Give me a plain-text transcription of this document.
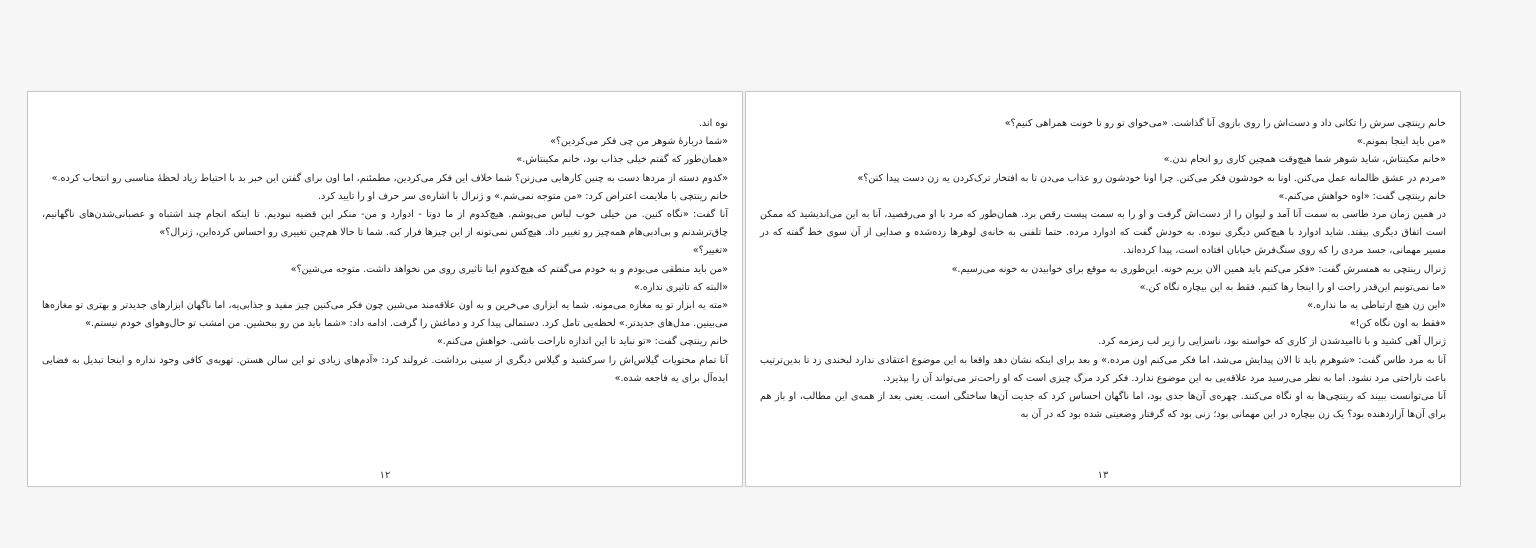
نوه اند.

«شما دربارهٔ شوهر من چی فکر می‌کردین؟»

«همان‌طور که گفتم خیلی جذاب بود، خانم مکینتاش.»

«کدوم دسته از مردها دست به چنین کارهایی می‌زنن؟ شما خلاف این فکر می‌کردین، مطمئنم، اما اون برای گفتن این خبر بد با احتیاط زیاد لحظهٔ مناسبی رو انتخاب کرده.»

خانم رینتچی با ملایمت اعتراض کرد: «من متوجه نمی‌شم.» و ژنرال با اشاره‌ی سر حرف او را تایید کرد.

آنا گفت: «نگاه کنین. من خیلی خوب لباس می‌پوشم. هیچ‌کدوم از ما دوتا - ادوارد و من- منکر این قضیه نبودیم. تا اینکه انجام چند اشتباه و عصبانی‌شدن‌های ناگهانیم، چاق‌ترشدنم و بی‌ادبی‌هام همه‌چیز رو تغییر داد. هیچ‌کس نمی‌تونه از این چیزها فرار کنه. شما تا حالا هم‌چین تغییری رو احساس کرده‌این، ژنرال؟»

«تغییر؟»

«من باید منطقی می‌بودم و به خودم می‌گفتم که هیچ‌کدوم اینا تاثیری روی من نخواهد داشت. متوجه می‌شین؟»

«البته که تاثیری نداره.»

«مته یه ابزار تو یه مغازه می‌مونه. شما یه ابزاری می‌خرین و به اون علاقه‌مند می‌شین چون فکر می‌کنین چیز مفید و جذابی‌یه، اما ناگهان ابزارهای جدیدتر و بهتری تو مغازه‌ها می‌بینین. مدل‌های جدیدتر.» لحظه‌یی تامل کرد. دستمالی پیدا کرد و دماغش را گرفت. ادامه داد: «شما باید من رو ببخشین. من امشب تو حال‌وهوای خودم نیستم.»

خانم رینتچی گفت: «تو نباید تا این اندازه ناراحت باشی. خواهش می‌کنم.»

آنا تمام محتویات گیلاس‌اش را سرکشید و گیلاس دیگری از سینی برداشت. غرولند کرد: «آدم‌های زیادی تو این سالن هستن. تهویه‌ی کافی وجود نداره و اینجا تبدیل به فضایی ایده‌آل برای یه فاجعه شده.»

۱۲

خانم رینتچی سرش را تکانی داد و دست‌اش را روی بازوی آنا گذاشت. «می‌خوای تو رو تا خونت همراهی کنیم؟»

«من باید اینجا بمونم.»

«خانم مکینتاش، شاید شوهر شما هیچ‌وقت همچین کاری رو انجام ندن.»

«مردم در عشق ظالمانه عمل می‌کنن. اونا به خودشون فکر می‌کنن. چرا اونا خودشون رو عذاب می‌دن تا به افتخار ترک‌کردن یه زن دست پیدا کنن؟»

خانم رینتچی گفت: «اوه خواهش می‌کنم.»

در همین زمان مرد طاسی به سمت آنا آمد و لیوان را از دست‌اش گرفت و او را به سمت پیست رقص برد. همان‌طور که مرد با او می‌رقصید، آنا به این می‌اندیشید که ممکن است اتفاق دیگری بیفتد. شاید ادوارد با هیچ‌کس دیگری نبوده. به خودش گفت که ادوارد مرده. حتما تلفنی به خانه‌ی لوهرها زده‌شده و صدایی از آن سوی خط گفته که در مسیر مهمانی، جسد مردی را که روی سنگ‌فرش خیابان افتاده است، پیدا کرده‌اند.

ژنرال رینتچی به همسرش گفت: «فکر می‌کنم باید همین الان بریم خونه. این‌طوری به موقع برای خوابیدن به خونه می‌رسیم.»

«ما نمی‌تونیم این‌قدر راحت او را اینجا رها کنیم. فقط به این بیچاره نگاه کن.»

«این زن هیچ ارتباطی به ما نداره.»

«فقط به اون نگاه کن!»

ژنرال آهی کشید و با ناامیدشدن از کاری که خواسته بود، ناسزایی را زیر لب زمزمه کرد.

آنا به مرد طاس گفت: «شوهرم باید تا الان پیدایش می‌شد، اما فکر می‌کنم اون مرده.» و بعد برای اینکه نشان دهد واقعا به این موضوع اعتقادی ندارد لبخندی زد تا بدین‌ترتیب باعث ناراحتی مرد نشود. اما به نظر می‌رسید مرد علاقه‌یی به این موضوع ندارد. فکر کرد مرگ چیزی است که او راحت‌تر می‌تواند آن را بپذیرد.

آنا می‌توانست ببیند که رینتچی‌ها به او نگاه می‌کنند. چهره‌ی آن‌ها جدی بود، اما ناگهان احساس کرد که جدیت آن‌ها ساختگی است. یعنی بعد از همه‌ی این مطالب، او باز هم برای آن‌ها آزاردهنده بود؟ یک زن بیچاره در این مهمانی بود؛ زنی بود که گرفتار وضعیتی شده بود که در آن به

۱۳
